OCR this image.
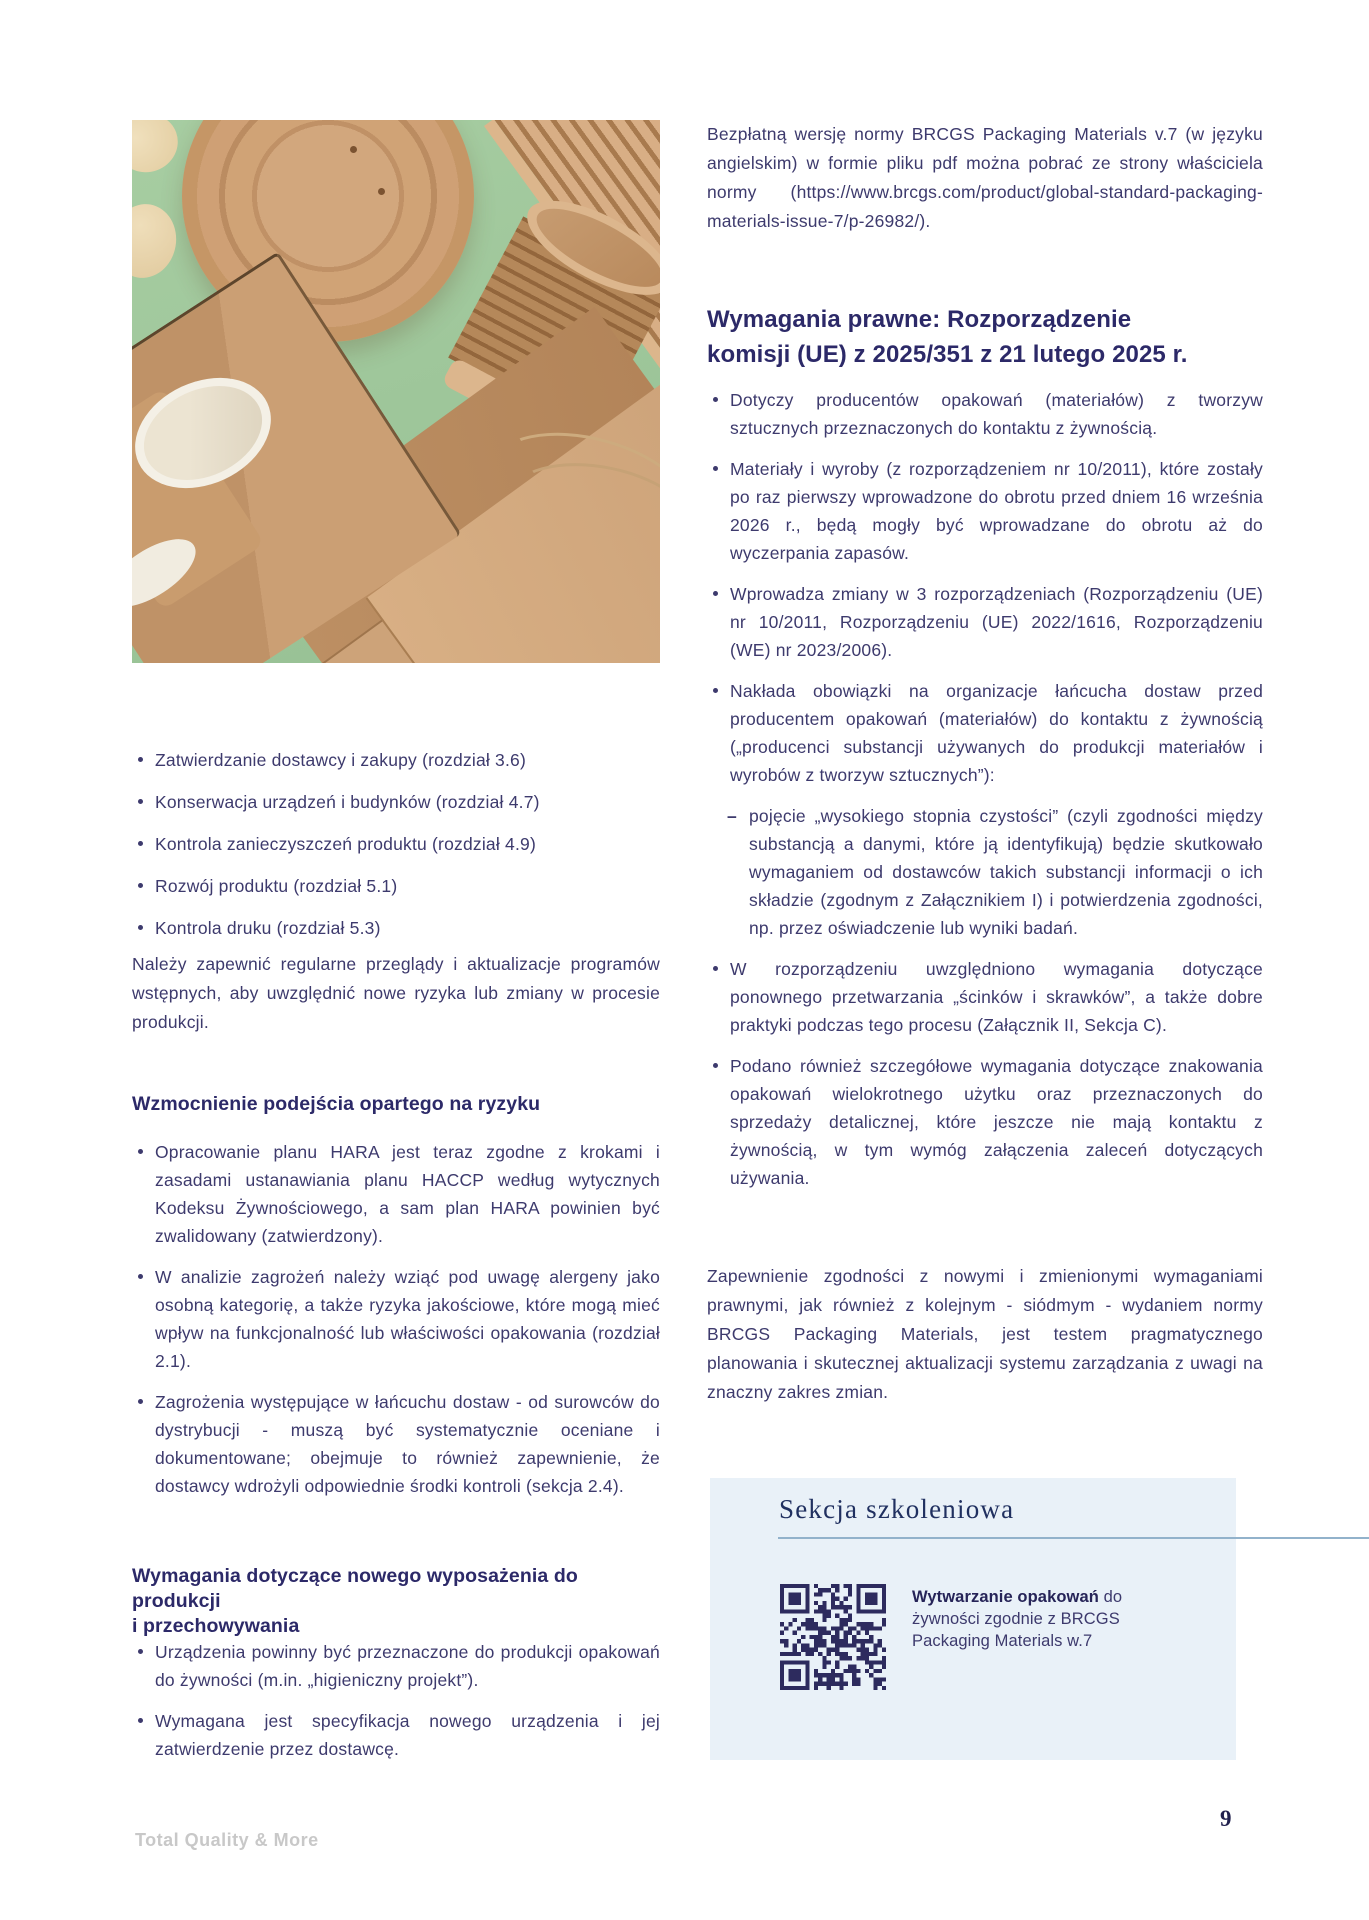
Zatwierdzanie dostawcy i zakupy (rozdział 3.6)
Konserwacja urządzeń i budynków (rozdział 4.7)
Kontrola zanieczyszczeń produktu (rozdział 4.9)
Rozwój produktu (rozdział 5.1)
Kontrola druku (rozdział 5.3)

Należy zapewnić regularne przeglądy i aktualizacje programów wstępnych, aby uwzględnić nowe ryzyka lub zmiany w procesie produkcji.

Wzmocnienie podejścia opartego na ryzyku
Opracowanie planu HARA jest teraz zgodne z krokami i zasadami ustanawiania planu HACCP według wytycznych Kodeksu Żywnościowego, a sam plan HARA powinien być zwalidowany (zatwierdzony).
W analizie zagrożeń należy wziąć pod uwagę alergeny jako osobną kategorię, a także ryzyka jakościowe, które mogą mieć wpływ na funkcjonalność lub właściwości opakowania (rozdział 2.1).
Zagrożenia występujące w łańcuchu dostaw - od surowców do dystrybucji - muszą być systematycznie oceniane i dokumentowane; obejmuje to również zapewnienie, że dostawcy wdrożyli odpowiednie środki kontroli (sekcja 2.4).
Wymagania dotyczące nowego wyposażenia do produkcji
i przechowywania
Urządzenia powinny być przeznaczone do produkcji opakowań do żywności (m.in. „higieniczny projekt”).
Wymagana jest specyfikacja nowego urządzenia i jej zatwierdzenie przez dostawcę.

Bezpłatną wersję normy BRCGS Packaging Materials v.7 (w języku angielskim) w formie pliku pdf można pobrać ze strony właściciela normy (https://www.brcgs.com/product/global-standard-packaging-materials-issue-7/p-26982/).

Wymagania prawne: Rozporządzenie
komisji (UE) z 2025/351 z 21 lutego 2025 r.
Dotyczy producentów opakowań (materiałów) z tworzyw sztucznych przeznaczonych do kontaktu z żywnością.
Materiały i wyroby (z rozporządzeniem nr 10/2011), które zostały po raz pierwszy wprowadzone do obrotu przed dniem 16 września 2026 r., będą mogły być wprowadzane do obrotu aż do wyczerpania zapasów.
Wprowadza zmiany w 3 rozporządzeniach (Rozporządzeniu (UE) nr 10/2011, Rozporządzeniu (UE) 2022/1616, Rozporządzeniu (WE) nr 2023/2006).
Nakłada obowiązki na organizacje łańcucha dostaw przed producentem opakowań (materiałów) do kontaktu z żywnością („producenci substancji używanych do produkcji materiałów i wyrobów z tworzyw sztucznych”):
– pojęcie „wysokiego stopnia czystości” (czyli zgodności między substancją a danymi, które ją identyfikują) będzie skutkowało wymaganiem od dostawców takich substancji informacji o ich składzie (zgodnym z Załącznikiem I) i potwierdzenia zgodności, np. przez oświadczenie lub wyniki badań.
W rozporządzeniu uwzględniono wymagania dotyczące ponownego przetwarzania „ścinków i skrawków”, a także dobre praktyki podczas tego procesu (Załącznik II, Sekcja C).
Podano również szczegółowe wymagania dotyczące znakowania opakowań wielokrotnego użytku oraz przeznaczonych do sprzedaży detalicznej, które jeszcze nie mają kontaktu z żywnością, w tym wymóg załączenia zaleceń dotyczących używania.

Zapewnienie zgodności z nowymi i zmienionymi wymaganiami prawnymi, jak również z kolejnym - siódmym - wydaniem normy BRCGS Packaging Materials, jest testem pragmatycznego planowania i skutecznej aktualizacji systemu zarządzania z uwagi na znaczny zakres zmian.

Sekcja szkoleniowa

Wytwarzanie opakowań do żywności zgodnie z BRCGS Packaging Materials w.7

Total Quality & More
9
